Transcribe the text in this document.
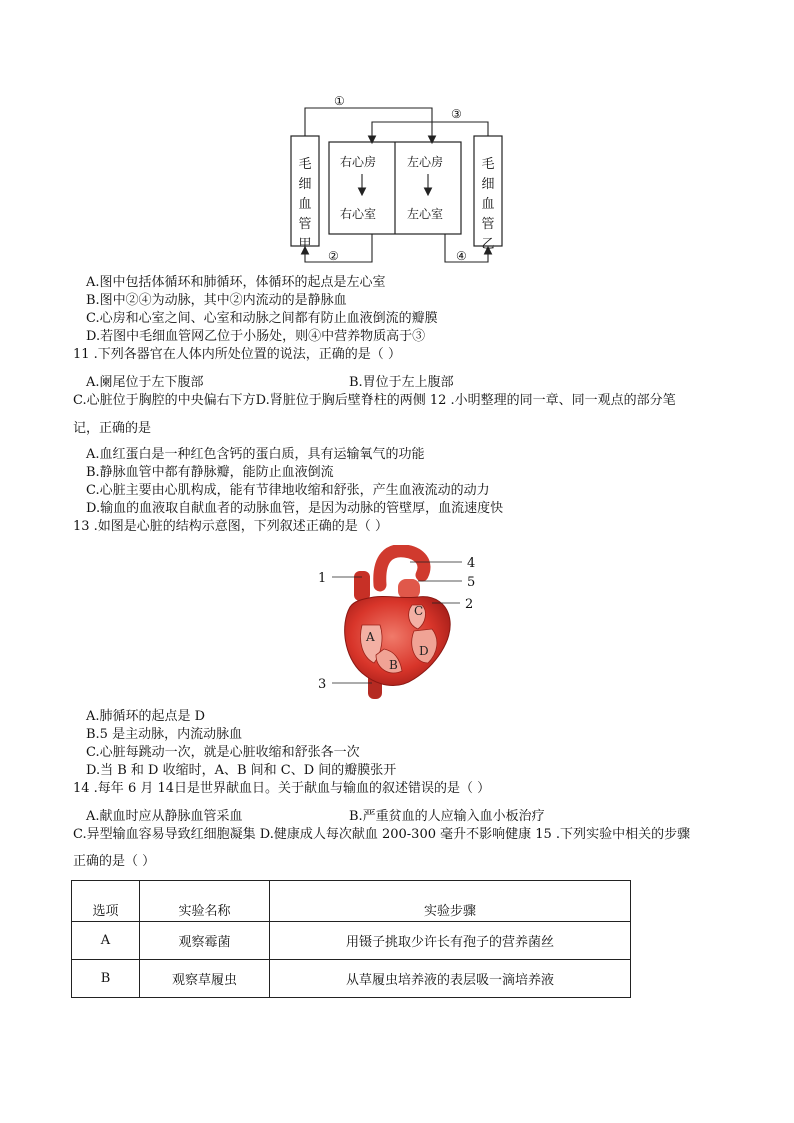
①
③
②	④
右心房
右心室
左心房
左心室
毛
细
血
管
甲
毛
细
血
管
乙
A.图中包括体循环和肺循环，体循环的起点是左心室
B.图中②④为动脉，其中②内流动的是静脉血
C.心房和心室之间、心室和动脉之间都有防止血液倒流的瓣膜
D.若图中毛细血管网乙位于小肠处，则④中营养物质高于③
11 .下列各器官在人体内所处位置的说法，正确的是（ ）
A.阑尾位于左下腹部	B.胃位于左上腹部
C.心脏位于胸腔的中央偏右下方D.肾脏位于胸后壁脊柱的两侧 12 .小明整理的同一章、同一观点的部分笔
记，正确的是
A.血红蛋白是一种红色含钙的蛋白质，具有运输氧气的功能
B.静脉血管中都有静脉瓣，能防止血液倒流
C.心脏主要由心肌构成，能有节律地收缩和舒张，产生血液流动的动力
D.输血的血液取自献血者的动脉血管，是因为动脉的管壁厚，血流速度快
13 .如图是心脏的结构示意图，下列叙述正确的是（ ）
A
B
C
D
1
4
5
2
3
A.肺循环的起点是 D
B.5 是主动脉，内流动脉血
C.心脏每跳动一次，就是心脏收缩和舒张各一次
D.当 B 和 D 收缩时，A、B 间和 C、D 间的瓣膜张开
14 .每年 6 月 14日是世界献血日。关于献血与输血的叙述错误的是（ ）
A.献血时应从静脉血管采血	B.严重贫血的人应输入血小板治疗
C.异型输血容易导致红细胞凝集 D.健康成人每次献血 200-300 毫升不影响健康 15 .下列实验中相关的步骤
正确的是（ ）
选项	实验名称	实验步骤
A	观察霉菌	用镊子挑取少许长有孢子的营养菌丝
B	观察草履虫	从草履虫培养液的表层吸一滴培养液
